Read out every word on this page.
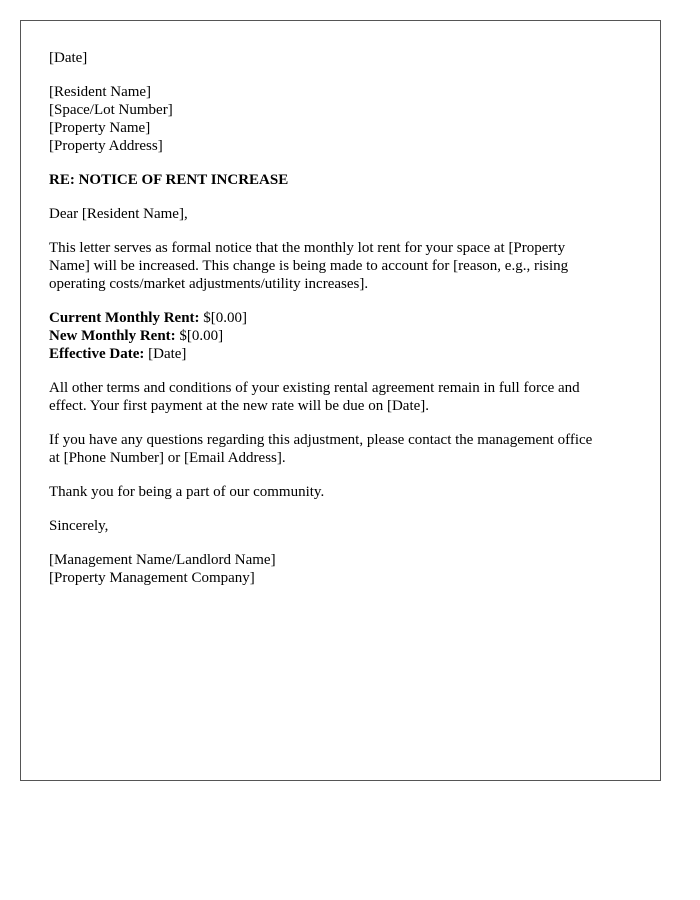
[Date]

[Resident Name]
[Space/Lot Number]
[Property Name]
[Property Address]

RE: NOTICE OF RENT INCREASE

Dear [Resident Name],

This letter serves as formal notice that the monthly lot rent for your space at [Property
Name] will be increased. This change is being made to account for [reason, e.g., rising
operating costs/market adjustments/utility increases].

Current Monthly Rent: $[0.00]
New Monthly Rent: $[0.00]
Effective Date: [Date]

All other terms and conditions of your existing rental agreement remain in full force and
effect. Your first payment at the new rate will be due on [Date].

If you have any questions regarding this adjustment, please contact the management office
at [Phone Number] or [Email Address].

Thank you for being a part of our community.

Sincerely,

[Management Name/Landlord Name]
[Property Management Company]
